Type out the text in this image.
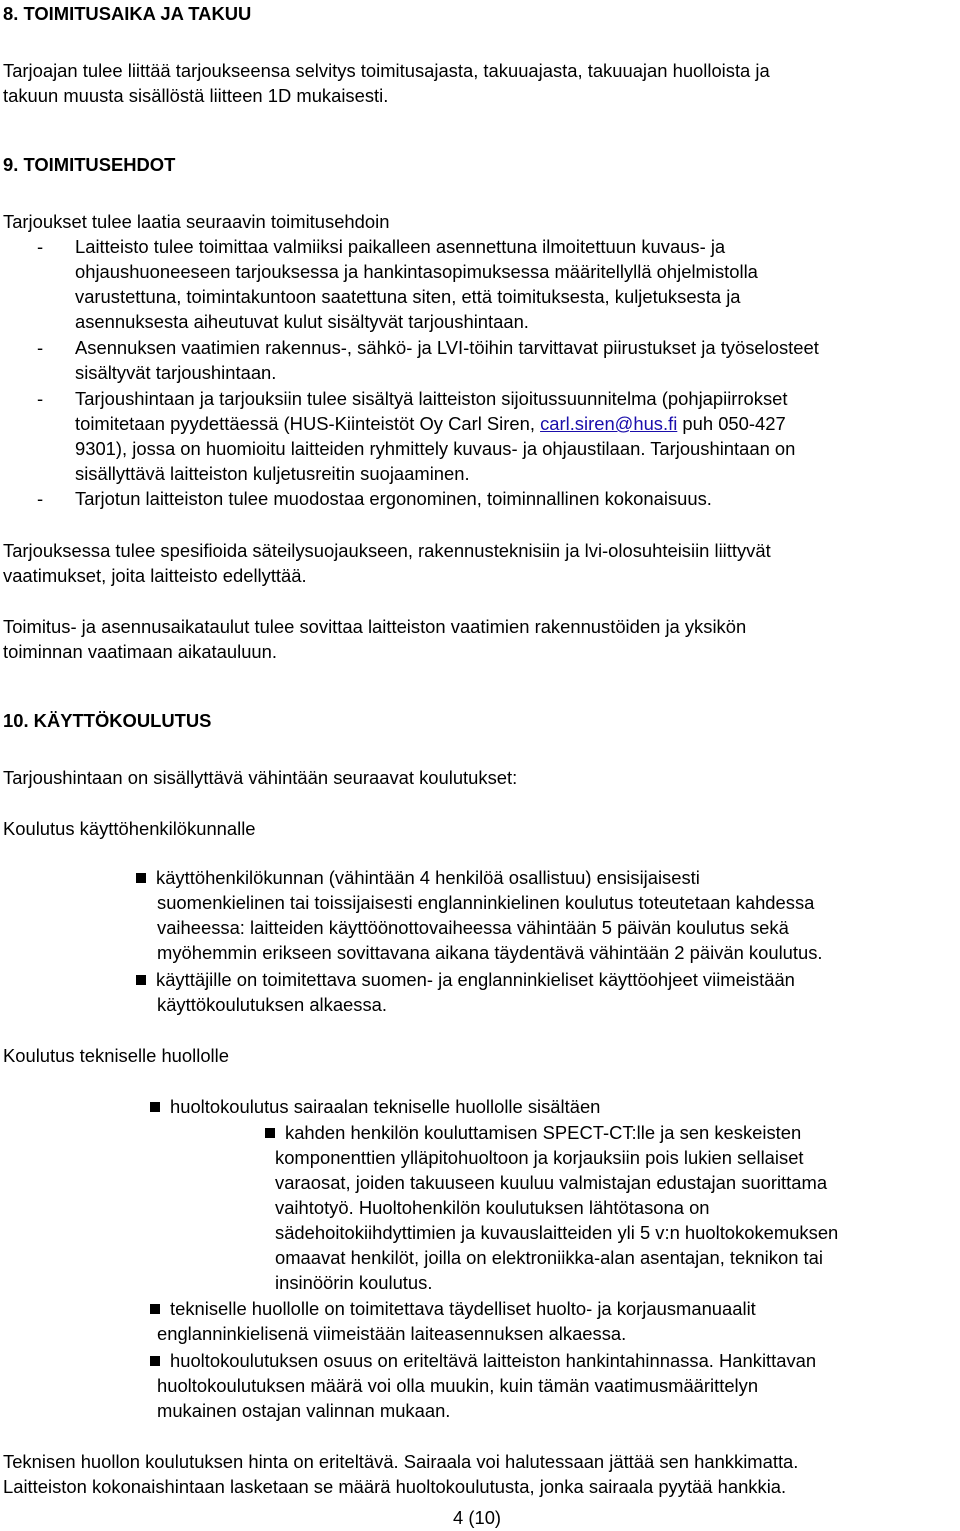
8. TOIMITUSAIKA JA TAKUU
Tarjoajan tulee liittää tarjoukseensa selvitys toimitusajasta, takuuajasta, takuuajan huolloista ja
takuun muusta sisällöstä liitteen 1D mukaisesti.
9. TOIMITUSEHDOT
Tarjoukset tulee laatia seuraavin toimitusehdoin
- Laitteisto tulee toimittaa valmiiksi paikalleen asennettuna ilmoitettuun kuvaus- ja
ohjaushuoneeseen tarjouksessa ja hankintasopimuksessa määritellyllä ohjelmistolla
varustettuna, toimintakuntoon saatettuna siten, että toimituksesta, kuljetuksesta ja
asennuksesta aiheutuvat kulut sisältyvät tarjoushintaan.
- Asennuksen vaatimien rakennus-, sähkö- ja LVI-töihin tarvittavat piirustukset ja työselosteet
sisältyvät tarjoushintaan.
- Tarjoushintaan ja tarjouksiin tulee sisältyä laitteiston sijoitussuunnitelma (pohjapiirrokset
toimitetaan pyydettäessä (HUS-Kiinteistöt Oy Carl Siren, carl.siren@hus.fi puh 050-427
9301), jossa on huomioitu laitteiden ryhmittely kuvaus- ja ohjaustilaan. Tarjoushintaan on
sisällyttävä laitteiston kuljetusreitin suojaaminen.
- Tarjotun laitteiston tulee muodostaa ergonominen, toiminnallinen kokonaisuus.
Tarjouksessa tulee spesifioida säteilysuojaukseen, rakennusteknisiin ja lvi-olosuhteisiin liittyvät
vaatimukset, joita laitteisto edellyttää.
Toimitus- ja asennusaikataulut tulee sovittaa laitteiston vaatimien rakennustöiden ja yksikön
toiminnan vaatimaan aikatauluun.
10. KÄYTTÖKOULUTUS
Tarjoushintaan on sisällyttävä vähintään seuraavat koulutukset:
Koulutus käyttöhenkilökunnalle
käyttöhenkilökunnan (vähintään 4 henkilöä osallistuu) ensisijaisesti
suomenkielinen tai toissijaisesti englanninkielinen koulutus toteutetaan kahdessa
vaiheessa: laitteiden käyttöönottovaiheessa vähintään 5 päivän koulutus sekä
myöhemmin erikseen sovittavana aikana täydentävä vähintään 2 päivän koulutus.
käyttäjille on toimitettava suomen- ja englanninkieliset käyttöohjeet viimeistään
käyttökoulutuksen alkaessa.
Koulutus tekniselle huollolle
huoltokoulutus sairaalan tekniselle huollolle sisältäen
kahden henkilön kouluttamisen SPECT-CT:lle ja sen keskeisten
komponenttien ylläpitohuoltoon ja korjauksiin pois lukien sellaiset
varaosat, joiden takuuseen kuuluu valmistajan edustajan suorittama
vaihtotyö. Huoltohenkilön koulutuksen lähtötasona on
sädehoitokiihdyttimien ja kuvauslaitteiden yli 5 v:n huoltokokemuksen
omaavat henkilöt, joilla on elektroniikka-alan asentajan, teknikon tai
insinöörin koulutus.
tekniselle huollolle on toimitettava täydelliset huolto- ja korjausmanuaalit
englanninkielisenä viimeistään laiteasennuksen alkaessa.
huoltokoulutuksen osuus on eriteltävä laitteiston hankintahinnassa. Hankittavan
huoltokoulutuksen määrä voi olla muukin, kuin tämän vaatimusmäärittelyn
mukainen ostajan valinnan mukaan.
Teknisen huollon koulutuksen hinta on eriteltävä. Sairaala voi halutessaan jättää sen hankkimatta.
Laitteiston kokonaishintaan lasketaan se määrä huoltokoulutusta, jonka sairaala pyytää hankkia.
4 (10)
